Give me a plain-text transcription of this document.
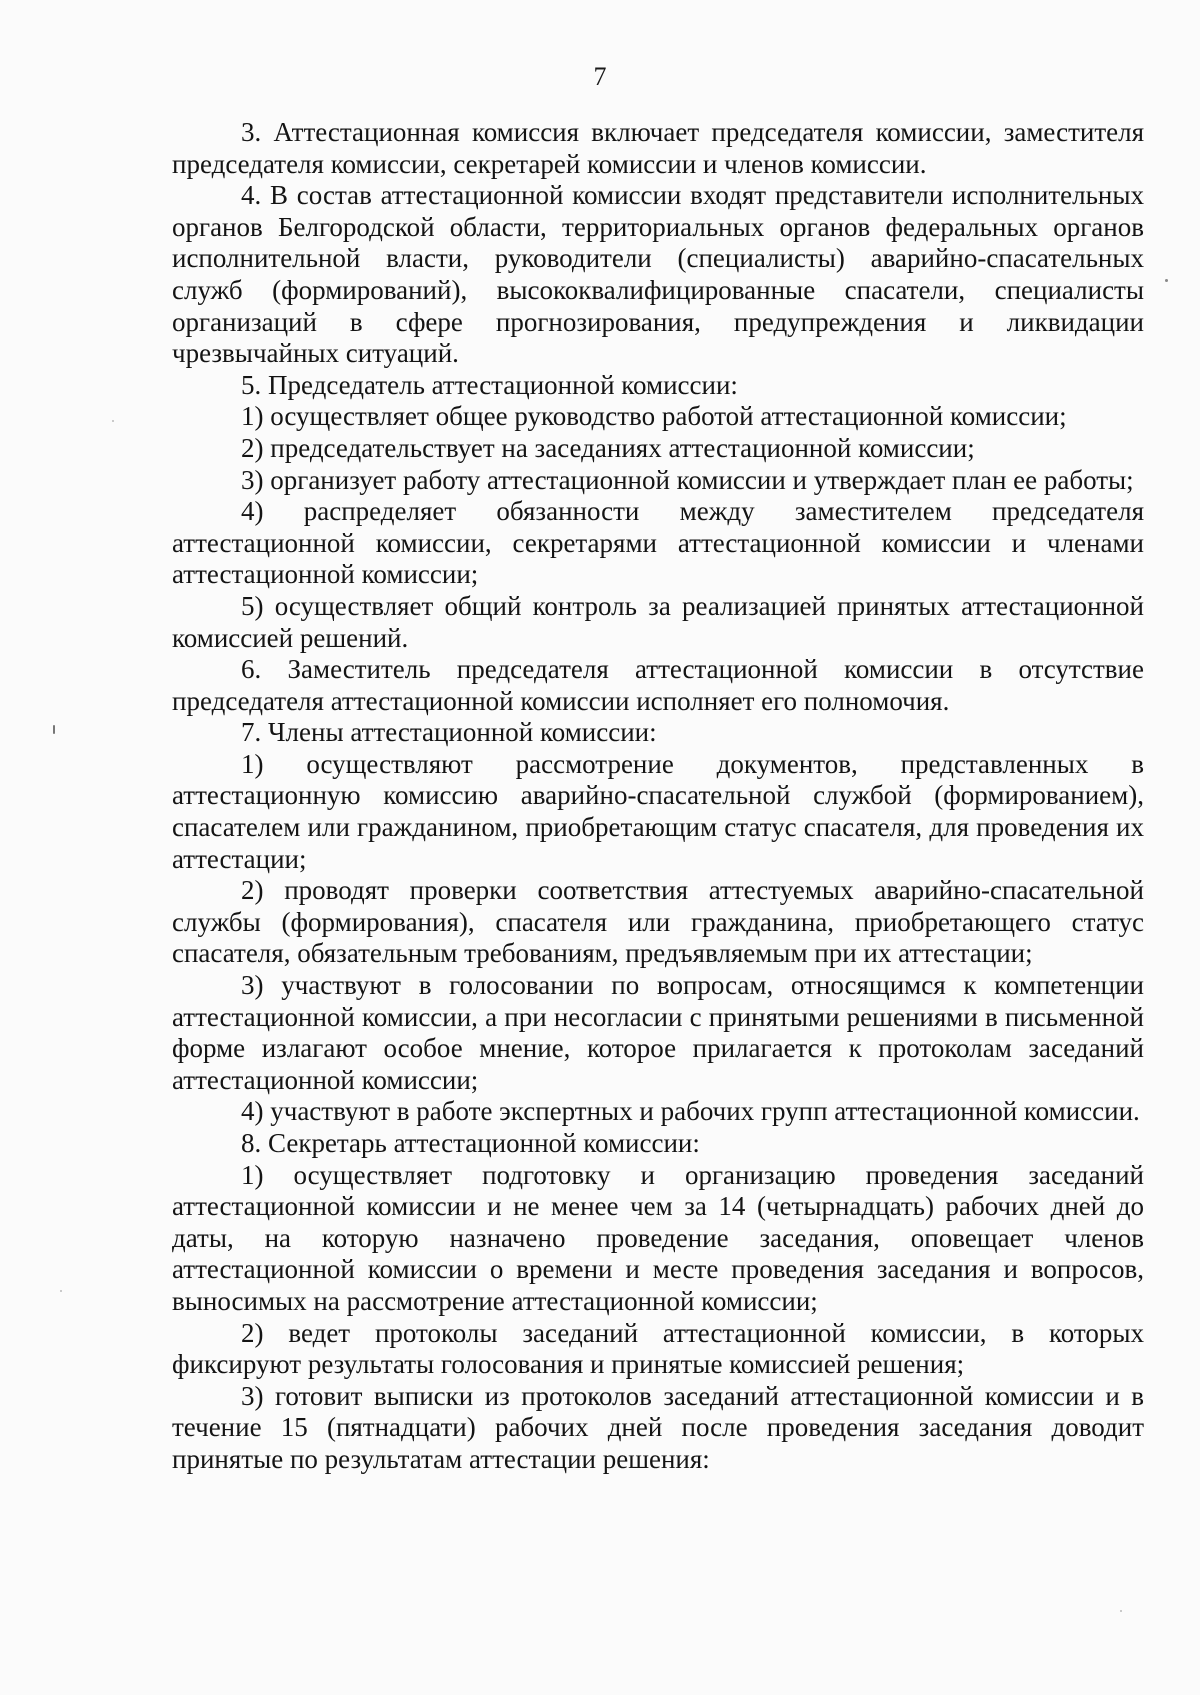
7

3. Аттестационная комиссия включает председателя комиссии, заместителя председателя комиссии, секретарей комиссии и членов комиссии.

4. В состав аттестационной комиссии входят представители исполнительных органов Белгородской области, территориальных органов федеральных органов исполнительной власти, руководители (специалисты) аварийно-спасательных служб (формирований), высококвалифицированные спасатели, специалисты организаций в сфере прогнозирования, предупреждения и ликвидации чрезвычайных ситуаций.

5. Председатель аттестационной комиссии:

1) осуществляет общее руководство работой аттестационной комиссии;

2) председательствует на заседаниях аттестационной комиссии;

3) организует работу аттестационной комиссии и утверждает план ее работы;

4) распределяет обязанности между заместителем председателя аттестационной комиссии, секретарями аттестационной комиссии и членами аттестационной комиссии;

5) осуществляет общий контроль за реализацией принятых аттестационной комиссией решений.

6. Заместитель председателя аттестационной комиссии в отсутствие председателя аттестационной комиссии исполняет его полномочия.

7. Члены аттестационной комиссии:

1) осуществляют рассмотрение документов, представленных в аттестационную комиссию аварийно-спасательной службой (формированием), спасателем или гражданином, приобретающим статус спасателя, для проведения их аттестации;

2) проводят проверки соответствия аттестуемых аварийно-спасательной службы (формирования), спасателя или гражданина, приобретающего статус спасателя, обязательным требованиям, предъявляемым при их аттестации;

3) участвуют в голосовании по вопросам, относящимся к компетенции аттестационной комиссии, а при несогласии с принятыми решениями в письменной форме излагают особое мнение, которое прилагается к протоколам заседаний аттестационной комиссии;

4) участвуют в работе экспертных и рабочих групп аттестационной комиссии.

8. Секретарь аттестационной комиссии:

1) осуществляет подготовку и организацию проведения заседаний аттестационной комиссии и не менее чем за 14 (четырнадцать) рабочих дней до даты, на которую назначено проведение заседания, оповещает членов аттестационной комиссии о времени и месте проведения заседания и вопросов, выносимых на рассмотрение аттестационной комиссии;

2) ведет протоколы заседаний аттестационной комиссии, в которых фиксируют результаты голосования и принятые комиссией решения;

3) готовит выписки из протоколов заседаний аттестационной комиссии и в течение 15 (пятнадцати) рабочих дней после проведения заседания доводит принятые по результатам аттестации решения:
